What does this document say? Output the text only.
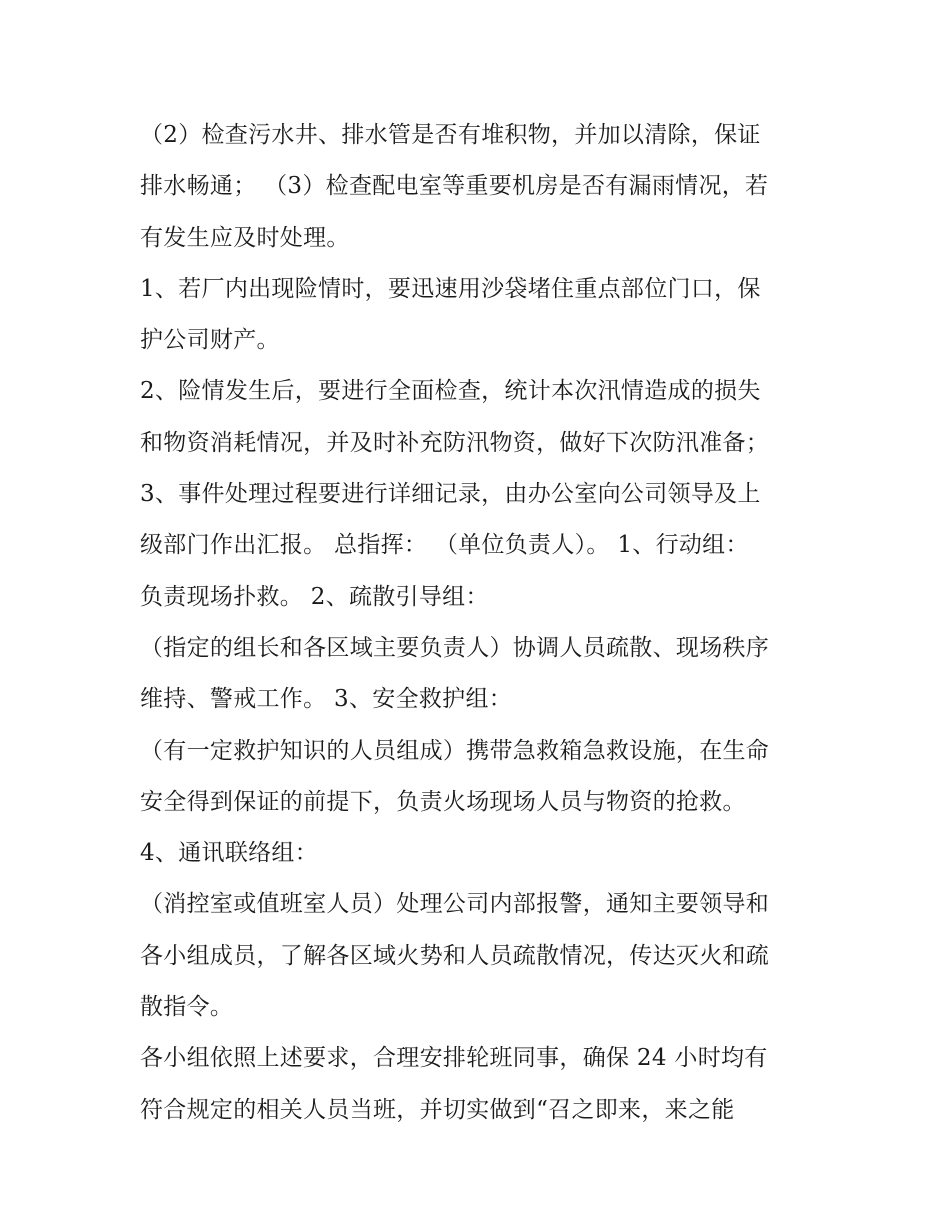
（2）检查污水井、排水管是否有堆积物，并加以清除，保证
排水畅通； （3）检查配电室等重要机房是否有漏雨情况，若
有发生应及时处理。
1、若厂内出现险情时，要迅速用沙袋堵住重点部位门口，保
护公司财产。
2、险情发生后，要进行全面检查，统计本次汛情造成的损失
和物资消耗情况，并及时补充防汛物资，做好下次防汛准备；
3、事件处理过程要进行详细记录，由办公室向公司领导及上
级部门作出汇报。 总指挥： （单位负责人）。 1、行动组：
负责现场扑救。 2、疏散引导组：
（指定的组长和各区域主要负责人）协调人员疏散、现场秩序
维持、警戒工作。 3、安全救护组：
（有一定救护知识的人员组成）携带急救箱急救设施，在生命
安全得到保证的前提下，负责火场现场人员与物资的抢救。
4、通讯联络组：
（消控室或值班室人员）处理公司内部报警，通知主要领导和
各小组成员，了解各区域火势和人员疏散情况，传达灭火和疏
散指令。
各小组依照上述要求，合理安排轮班同事，确保 24 小时均有
符合规定的相关人员当班，并切实做到“召之即来，来之能
